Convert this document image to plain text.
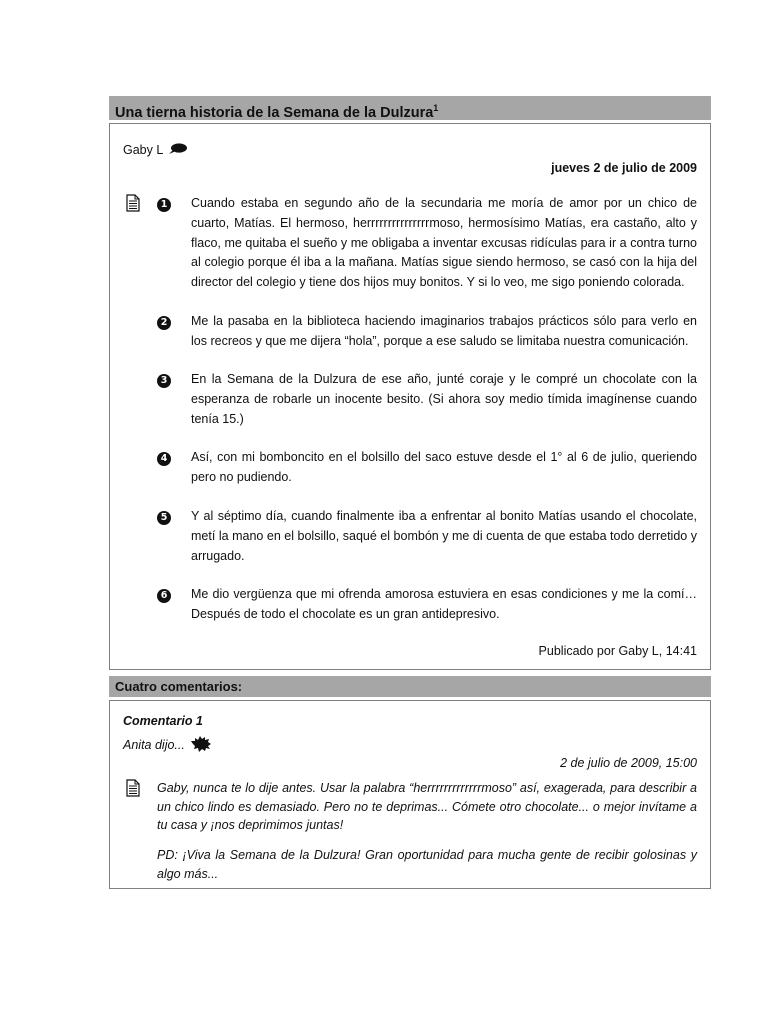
Una tierna historia de la Semana de la Dulzura$^1$
Gaby L
jueves 2 de julio de 2009
1 Cuando estaba en segundo año de la secundaria me moría de amor por un chico de cuarto, Matías. El hermoso, herrrrrrrrrrrrrrrmoso, hermosísimo Matías, era castaño, alto y flaco, me quitaba el sueño y me obligaba a inventar excusas ridículas para ir a contra turno al colegio porque él iba a la mañana. Matías sigue siendo hermoso, se casó con la hija del director del colegio y tiene dos hijos muy bonitos. Y si lo veo, me sigo poniendo colorada.
2 Me la pasaba en la biblioteca haciendo imaginarios trabajos prácticos sólo para verlo en los recreos y que me dijera “hola”, porque a ese saludo se limitaba nuestra comunicación.
3 En la Semana de la Dulzura de ese año, junté coraje y le compré un chocolate con la esperanza de robarle un inocente besito. (Si ahora soy medio tímida imagínense cuando tenía 15.)
4 Así, con mi bomboncito en el bolsillo del saco estuve desde el 1° al 6 de julio, queriendo pero no pudiendo.
5 Y al séptimo día, cuando finalmente iba a enfrentar al bonito Matías usando el chocolate, metí la mano en el bolsillo, saqué el bombón y me di cuenta de que estaba todo derretido y arrugado.
6 Me dio vergüenza que mi ofrenda amorosa estuviera en esas condiciones y me la comí… Después de todo el chocolate es un gran antidepresivo.
Publicado por Gaby L, 14:41
Cuatro comentarios:
Comentario 1
Anita dijo...
2 de julio de 2009, 15:00
Gaby, nunca te lo dije antes. Usar la palabra “herrrrrrrrrrrrrmoso” así, exagerada, para describir a un chico lindo es demasiado. Pero no te deprimas... Cómete otro chocolate... o mejor invítame a tu casa y ¡nos deprimimos juntas!
PD: ¡Viva la Semana de la Dulzura! Gran oportunidad para mucha gente de recibir golosinas y algo más...
